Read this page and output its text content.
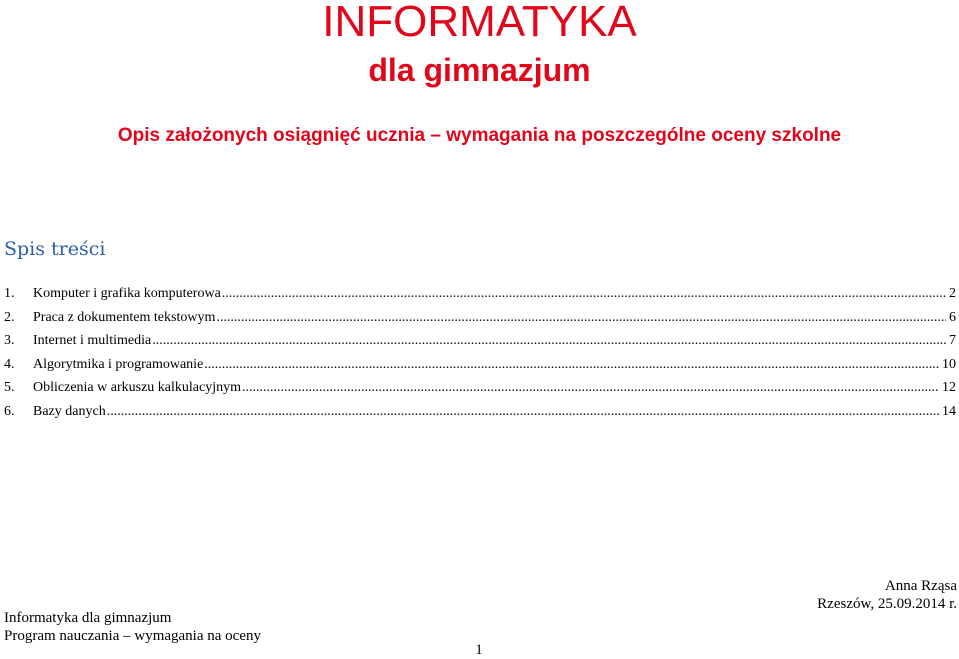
INFORMATYKA
dla gimnazjum

Opis założonych osiągnięć ucznia – wymagania na poszczególne oceny szkolne

Spis treści
1.	Komputer i grafika komputerowa .....	2
2.	Praca z dokumentem tekstowym .....	6
3.	Internet i multimedia .....	7
4.	Algorytmika i programowanie .....	10
5.	Obliczenia w arkuszu kalkulacyjnym .....	12
6.	Bazy danych .....	14
Anna Rząsa
Rzeszów, 25.09.2014 r.
Informatyka dla gimnazjum
Program nauczania – wymagania na oceny
1
